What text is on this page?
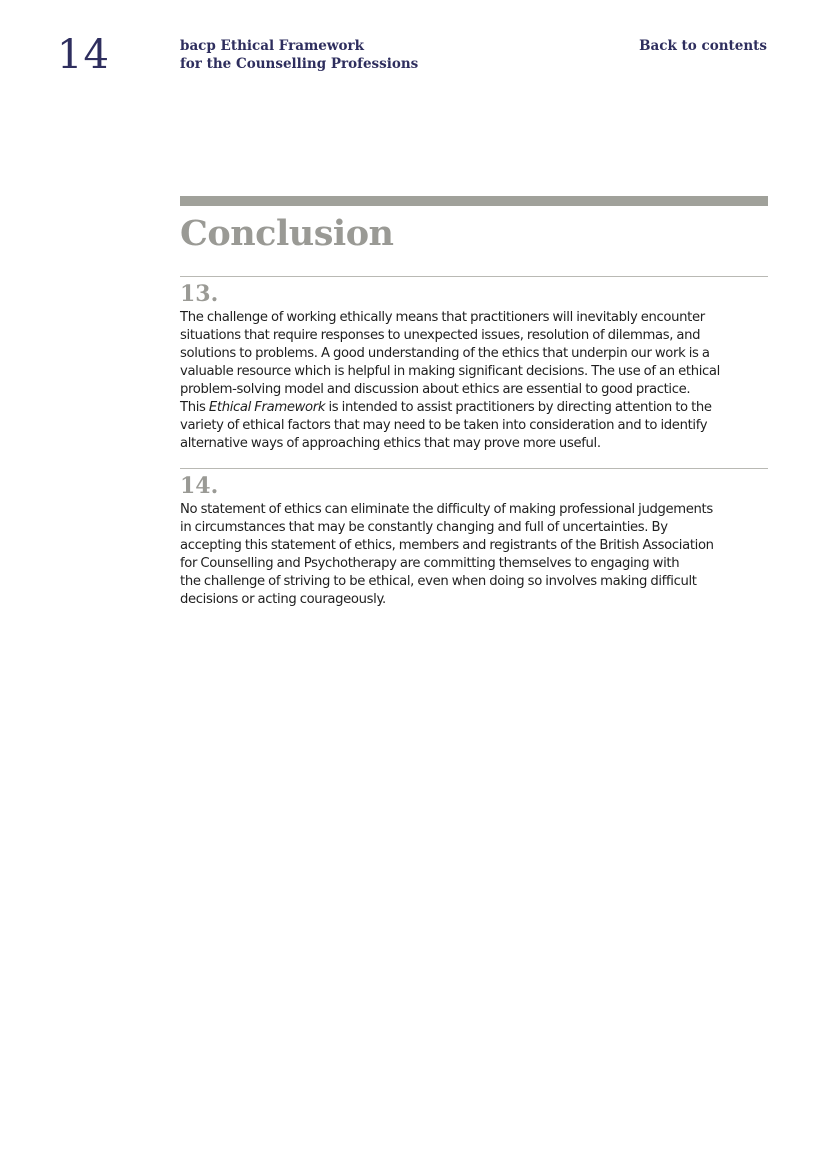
14	bacp Ethical Framework
for the Counselling Professions
Back to contents
Conclusion
13.

The challenge of working ethically means that practitioners will inevitably encounter
situations that require responses to unexpected issues, resolution of dilemmas, and
solutions to problems. A good understanding of the ethics that underpin our work is a
valuable resource which is helpful in making significant decisions. The use of an ethical
problem-solving model and discussion about ethics are essential to good practice.
This Ethical Framework is intended to assist practitioners by directing attention to the
variety of ethical factors that may need to be taken into consideration and to identify
alternative ways of approaching ethics that may prove more useful.

14.

No statement of ethics can eliminate the difficulty of making professional judgements
in circumstances that may be constantly changing and full of uncertainties. By
accepting this statement of ethics, members and registrants of the British Association
for Counselling and Psychotherapy are committing themselves to engaging with
the challenge of striving to be ethical, even when doing so involves making difficult
decisions or acting courageously.
